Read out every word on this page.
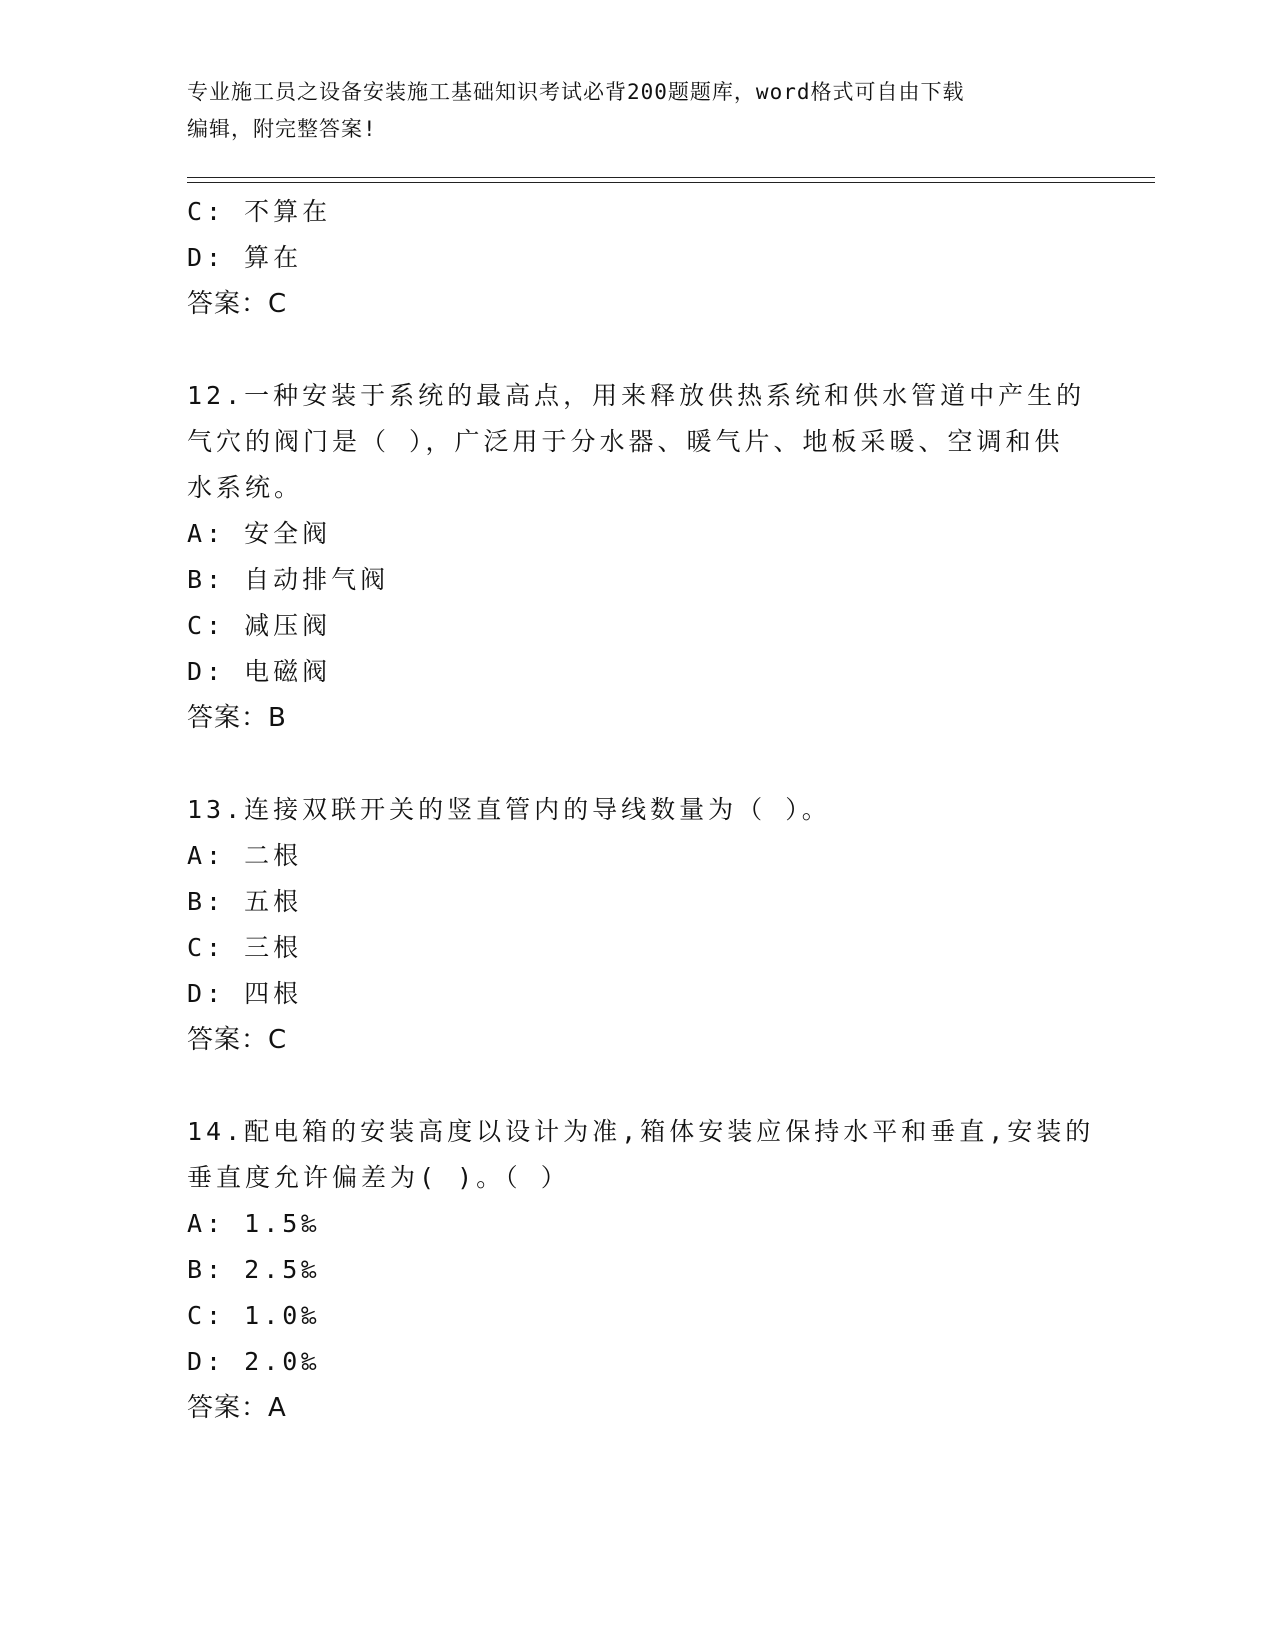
专业施工员之设备安装施工基础知识考试必背200题题库，word格式可自由下载
编辑，附完整答案!
C: 不算在
D: 算在
答案：C
12.一种安装于系统的最高点，用来释放供热系统和供水管道中产生的
气穴的阀门是（ ），广泛用于分水器、暖气片、地板采暖、空调和供
水系统。
A: 安全阀
B: 自动排气阀
C: 减压阀
D: 电磁阀
答案：B
13.连接双联开关的竖直管内的导线数量为（ ）。
A: 二根
B: 五根
C: 三根
D: 四根
答案：C
14.配电箱的安装高度以设计为准,箱体安装应保持水平和垂直,安装的
垂直度允许偏差为( )。（ ）
A: 1.5‰
B: 2.5‰
C: 1.0‰
D: 2.0‰
答案：A
